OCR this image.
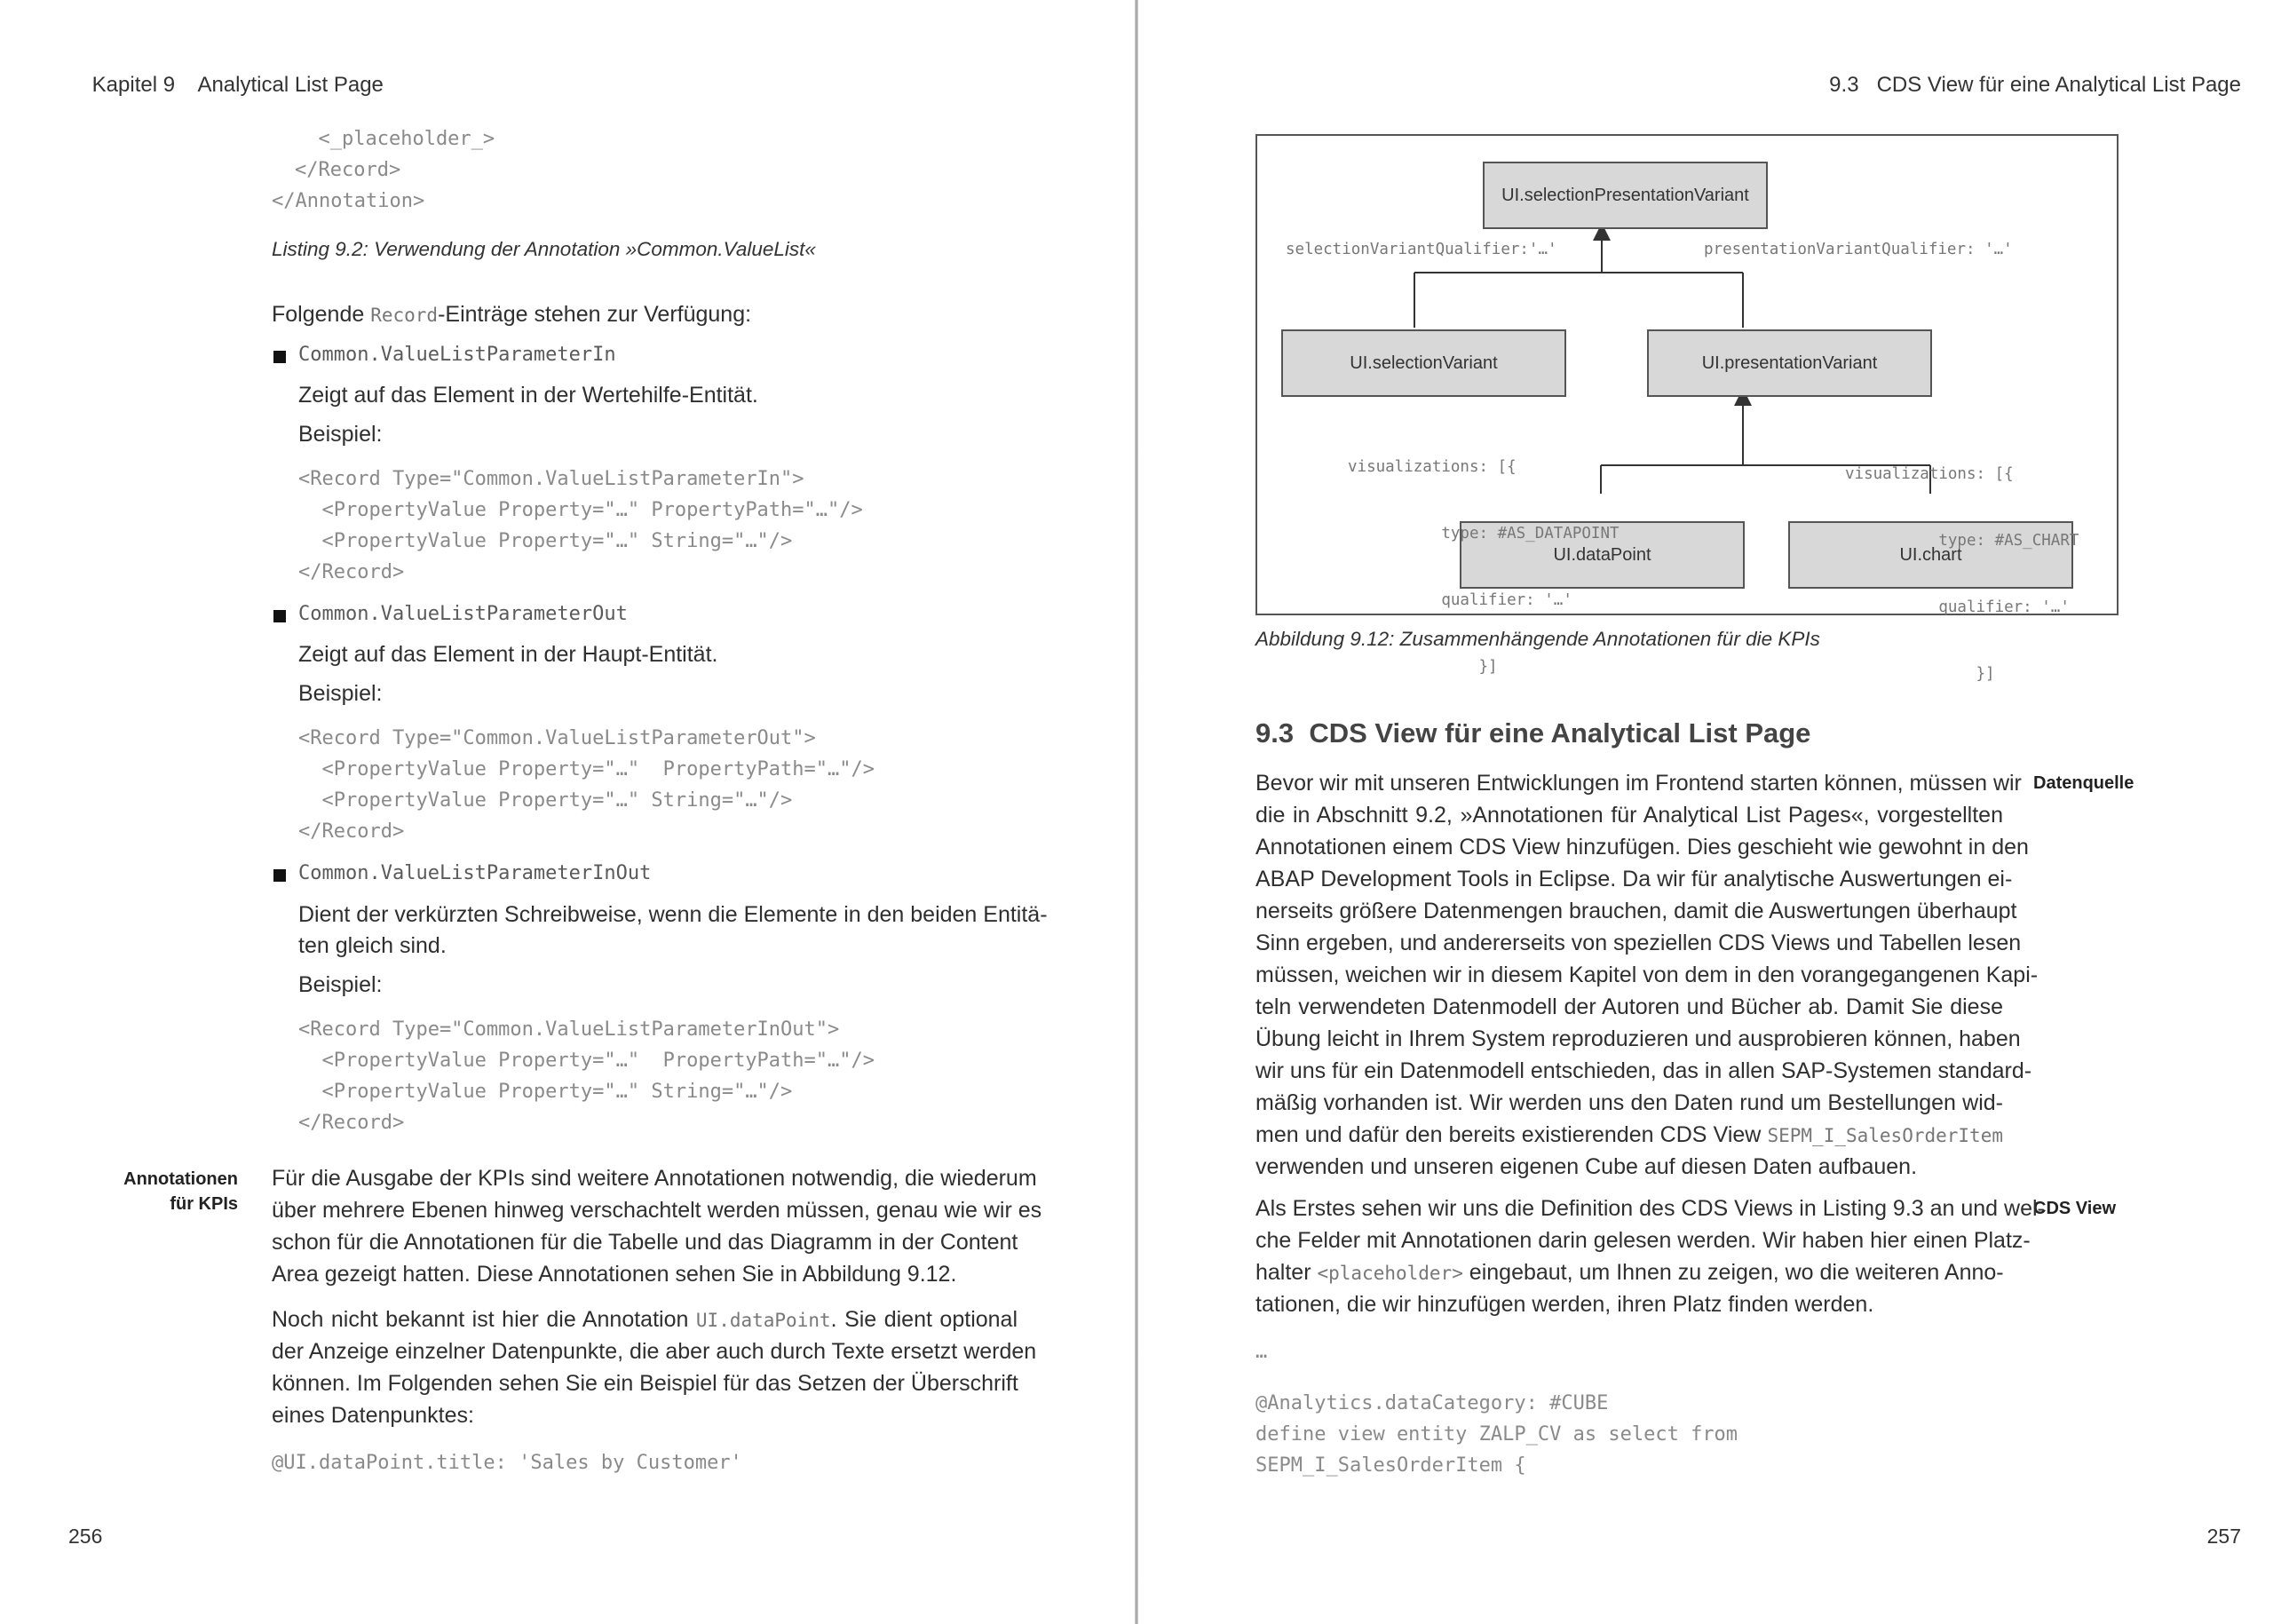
Kapitel 9 Analytical List Page

<_placeholder_>
</Record>
</Annotation>
Listing 9.2: Verwendung der Annotation »Common.ValueList«
Folgende Record-Einträge stehen zur Verfügung:
Common.ValueListParameterIn
Zeigt auf das Element in der Wertehilfe-Entität.
Beispiel:
<Record Type="Common.ValueListParameterIn">
<PropertyValue Property="…" PropertyPath="…"/>
<PropertyValue Property="…" String="…"/>
</Record>
Common.ValueListParameterOut
Zeigt auf das Element in der Haupt-Entität.
Beispiel:
<Record Type="Common.ValueListParameterOut">
<PropertyValue Property="…"  PropertyPath="…"/>
<PropertyValue Property="…" String="…"/>
</Record>
Common.ValueListParameterInOut
Dient der verkürzten Schreibweise, wenn die Elemente in den beiden Entitä-
ten gleich sind.
Beispiel:
<Record Type="Common.ValueListParameterInOut">
<PropertyValue Property="…"  PropertyPath="…"/>
<PropertyValue Property="…" String="…"/>
</Record>
Annotationen
für KPIs
Für die Ausgabe der KPIs sind weitere Annotationen notwendig, die wiederum
über mehrere Ebenen hinweg verschachtelt werden müssen, genau wie wir es
schon für die Annotationen für die Tabelle und das Diagramm in der Content
Area gezeigt hatten. Diese Annotationen sehen Sie in Abbildung 9.12.
Noch nicht bekannt ist hier die Annotation UI.dataPoint. Sie dient optional
der Anzeige einzelner Datenpunkte, die aber auch durch Texte ersetzt werden
können. Im Folgenden sehen Sie ein Beispiel für das Setzen der Überschrift
eines Datenpunktes:
@UI.dataPoint.title: 'Sales by Customer'
256

9.3 CDS View für eine Analytical List Page

UI.selectionPresentationVariant
UI.selectionVariant	UI.presentationVariant
UI.dataPoint	UI.chart
selectionVariantQualifier:'…'	presentationVariantQualifier: '…'

visualizations: [{

type: #AS_DATAPOINT

qualifier: '…'

}]

visualizations: [{

type: #AS_CHART

qualifier: '…'

}]

Abbildung 9.12: Zusammenhängende Annotationen für die KPIs
9.3 CDS View für eine Analytical List Page
Datenquelle
CDS View
Bevor wir mit unseren Entwicklungen im Frontend starten können, müssen wir
die in Abschnitt 9.2, »Annotationen für Analytical List Pages«, vorgestellten
Annotationen einem CDS View hinzufügen. Dies geschieht wie gewohnt in den
ABAP Development Tools in Eclipse. Da wir für analytische Auswertungen ei-
nerseits größere Datenmengen brauchen, damit die Auswertungen überhaupt
Sinn ergeben, und andererseits von speziellen CDS Views und Tabellen lesen
müssen, weichen wir in diesem Kapitel von dem in den vorangegangenen Kapi-
teln verwendeten Datenmodell der Autoren und Bücher ab. Damit Sie diese
Übung leicht in Ihrem System reproduzieren und ausprobieren können, haben
wir uns für ein Datenmodell entschieden, das in allen SAP-Systemen standard-
mäßig vorhanden ist. Wir werden uns den Daten rund um Bestellungen wid-
men und dafür den bereits existierenden CDS View SEPM_I_SalesOrderItem
verwenden und unseren eigenen Cube auf diesen Daten aufbauen.
Als Erstes sehen wir uns die Definition des CDS Views in Listing 9.3 an und wel-
che Felder mit Annotationen darin gelesen werden. Wir haben hier einen Platz-
halter <placeholder> eingebaut, um Ihnen zu zeigen, wo die weiteren Anno-
tationen, die wir hinzufügen werden, ihren Platz finden werden.
…
@Analytics.dataCategory: #CUBE
define view entity ZALP_CV as select from
SEPM_I_SalesOrderItem {
257
